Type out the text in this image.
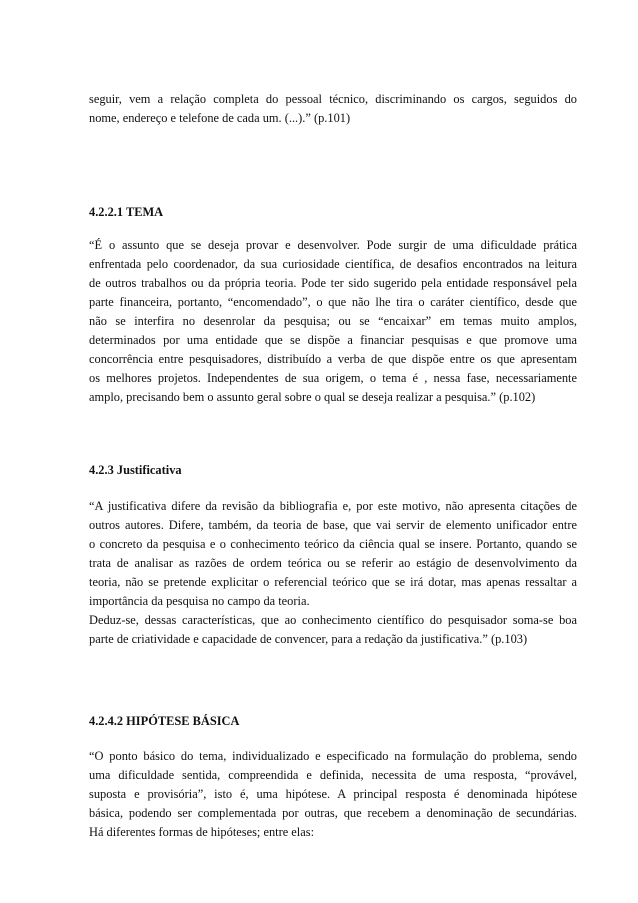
seguir, vem a relação completa do pessoal técnico, discriminando os cargos, seguidos do
nome, endereço e telefone de cada um. (...).” (p.101)

4.2.2.1 TEMA

“É o assunto que se deseja provar e desenvolver. Pode surgir de uma dificuldade prática
enfrentada pelo coordenador, da sua curiosidade científica, de desafios encontrados na leitura
de outros trabalhos ou da própria teoria. Pode ter sido sugerido pela entidade responsável pela
parte financeira, portanto, “encomendado”, o que não lhe tira o caráter científico, desde que
não se interfira no desenrolar da pesquisa; ou se “encaixar” em temas muito amplos,
determinados por uma entidade que se dispõe a financiar pesquisas e que promove uma
concorrência entre pesquisadores, distribuído a verba de que dispõe entre os que apresentam
os melhores projetos. Independentes de sua origem, o tema é , nessa fase, necessariamente
amplo, precisando bem o assunto geral sobre o qual se deseja realizar a pesquisa.” (p.102)

4.2.3 Justificativa

“A justificativa difere da revisão da bibliografia e, por este motivo, não apresenta citações de
outros autores. Difere, também, da teoria de base, que vai servir de elemento unificador entre
o concreto da pesquisa e o conhecimento teórico da ciência qual se insere. Portanto, quando se
trata de analisar as razões de ordem teórica ou se referir ao estágio de desenvolvimento da
teoria, não se pretende explicitar o referencial teórico que se irá dotar, mas apenas ressaltar a
importância da pesquisa no campo da teoria.

Deduz-se, dessas características, que ao conhecimento científico do pesquisador soma-se boa
parte de criatividade e capacidade de convencer, para a redação da justificativa.” (p.103)

4.2.4.2 HIPÓTESE BÁSICA

“O ponto básico do tema, individualizado e especificado na formulação do problema, sendo
uma dificuldade sentida, compreendida e definida, necessita de uma resposta, “provável,
suposta e provisória”, isto é, uma hipótese. A principal resposta é denominada hipótese
básica, podendo ser complementada por outras, que recebem a denominação de secundárias.
Há diferentes formas de hipóteses; entre elas:
